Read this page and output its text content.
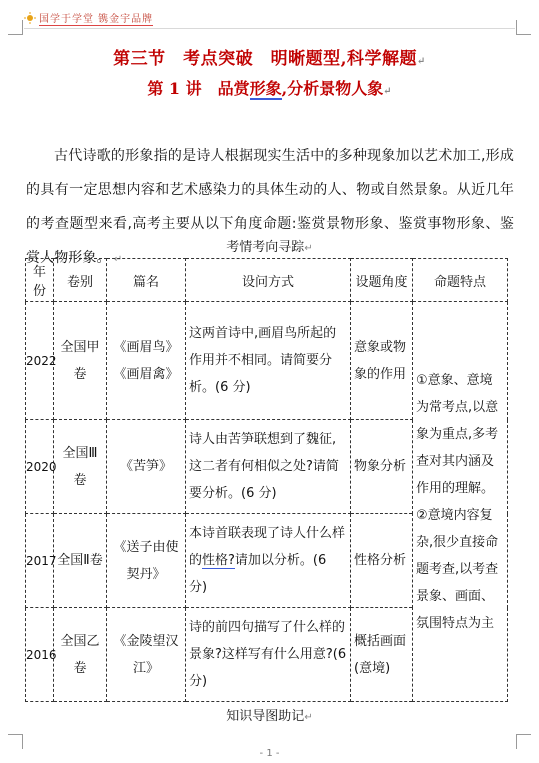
国学于学堂 镌金宇品牌
第三节　考点突破　明晰题型,科学解题↵
第 1 讲　品赏形象,分析景物人象↵
古代诗歌的形象指的是诗人根据现实生活中的多种现象加以艺术加工,形成的具有一定思想内容和艺术感染力的具体生动的人、物或自然景象。从近几年的考查题型来看,高考主要从以下角度命题:鉴赏景物形象、鉴赏事物形象、鉴赏人物形象。 ↵
考情考向寻踪↵
年份	卷别	篇名	设问方式	设题角度	命题特点
2022	全国甲卷	《画眉鸟》《画眉禽》	这两首诗中,画眉鸟所起的作用并不相同。请简要分析。(6 分)	意象或物象的作用	①意象、意境为常考点,以意象为重点,多考查对其内涵及作用的理解。②意境内容复杂,很少直接命题考查,以考查景象、画面、氛围特点为主
2020	全国Ⅲ卷	《苦笋》	诗人由苦笋联想到了魏征,这二者有何相似之处?请简要分析。(6 分)	物象分析	
2017	全国Ⅱ卷	《送子由使契丹》	本诗首联表现了诗人什么样的性格?请加以分析。(6 分)	性格分析	
2016	全国乙卷	《金陵望汉江》	诗的前四句描写了什么样的景象?这样写有什么用意?(6 分)	概括画面(意境)	
知识导图助记↵
- 1 -
